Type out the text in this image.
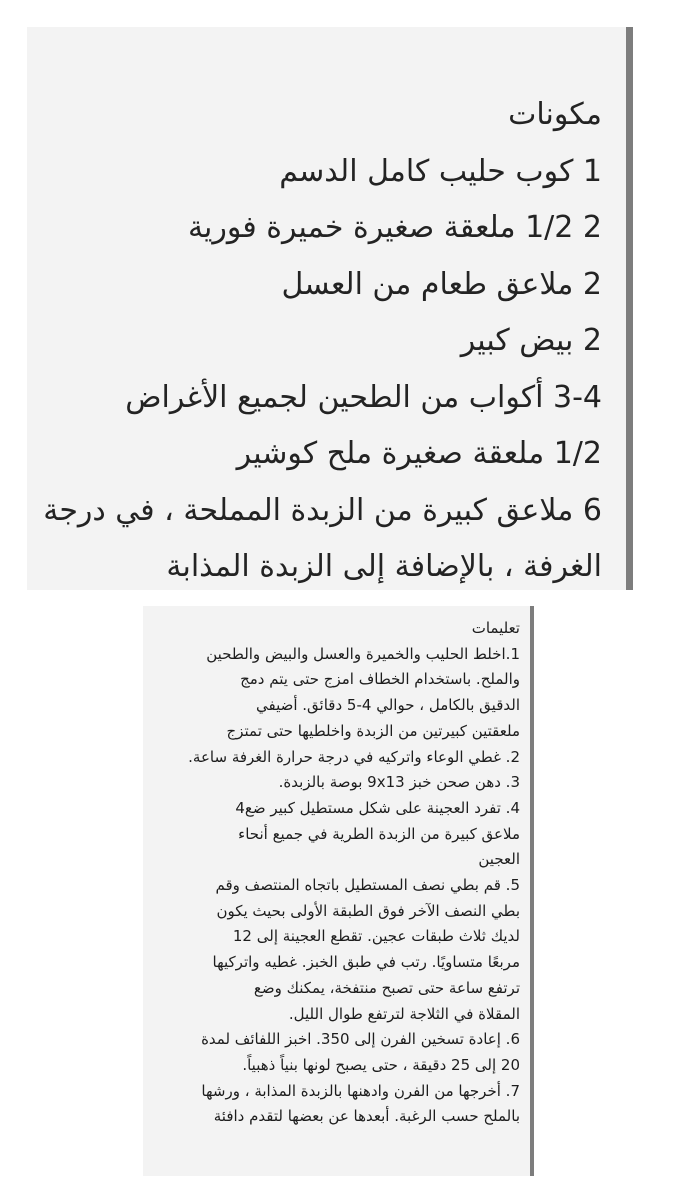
مكونات
1 كوب حليب كامل الدسم
2 1/2 ملعقة صغيرة خميرة فورية
2 ملاعق طعام من العسل
2 بيض كبير
3-4 أكواب من الطحين لجميع الأغراض
1/2 ملعقة صغيرة ملح كوشير
6 ملاعق كبيرة من الزبدة المملحة ، في درجة
الغرفة ، بالإضافة إلى الزبدة المذابة
تعليمات
1.اخلط الحليب والخميرة والعسل والبيض والطحين
والملح. باستخدام الخطاف امزج حتى يتم دمج
الدقيق بالكامل ، حوالي 4-5 دقائق. أضيفي
ملعقتين كبيرتين من الزبدة واخلطيها حتى تمتزج
2. غطي الوعاء واتركيه في درجة حرارة الغرفة ساعة.
3. دهن صحن خبز 9x13 بوصة بالزبدة.
4. تفرد العجينة على شكل مستطيل كبير ضع4
ملاعق كبيرة من الزبدة الطرية في جميع أنحاء
العجين
5. قم بطي نصف المستطيل باتجاه المنتصف وقم
بطي النصف الآخر فوق الطبقة الأولى بحيث يكون
لديك ثلاث طبقات عجين. تقطع العجينة إلى 12
مربعًا متساويًا. رتب في طبق الخبز. غطيه واتركيها
ترتفع ساعة حتى تصبح منتفخة، يمكنك وضع
المقلاة في الثلاجة لترتفع طوال الليل.
6. إعادة تسخين الفرن إلى 350. اخبز اللفائف لمدة
20 إلى 25 دقيقة ، حتى يصبح لونها بنياً ذهبياً.
7. أخرجها من الفرن وادهنها بالزبدة المذابة ، ورشها
بالملح حسب الرغبة. أبعدها عن بعضها لتقدم دافئة
